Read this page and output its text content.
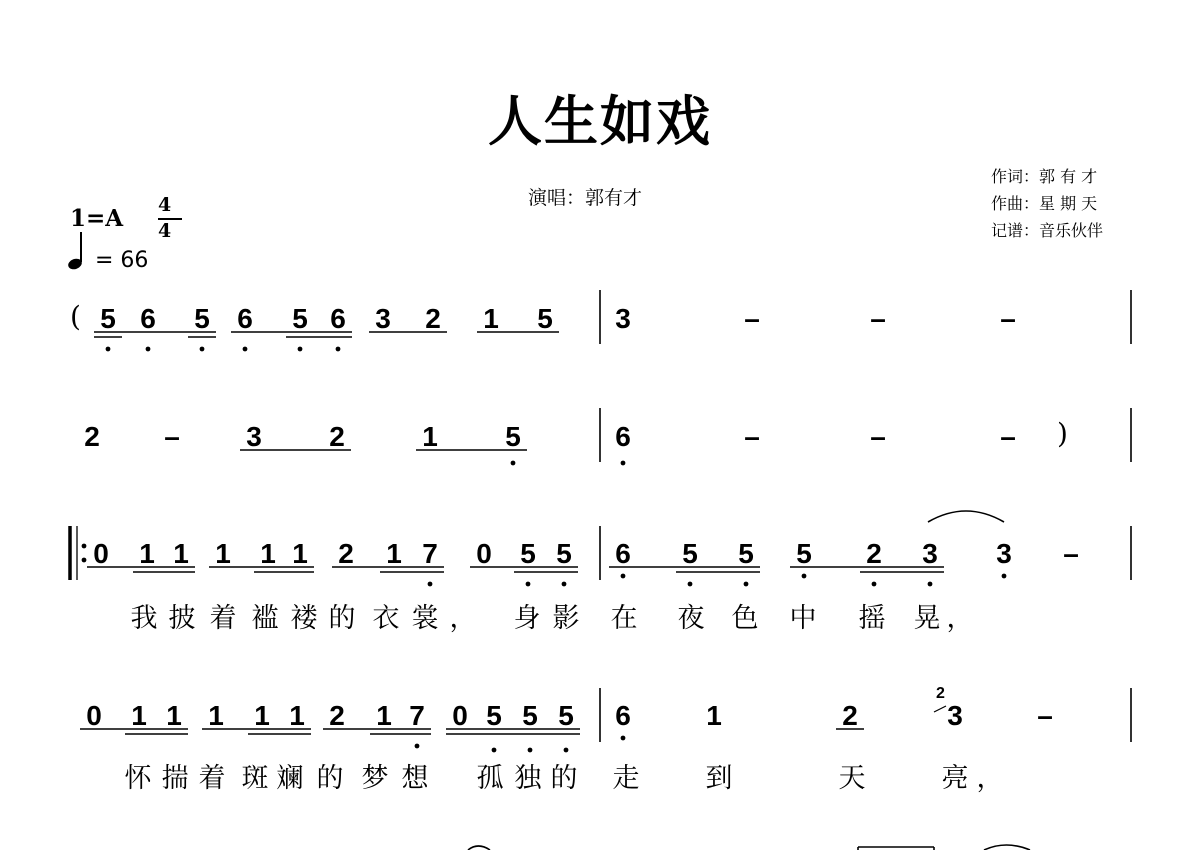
人生如戏
演唱：郭有才
作词：郭 有 才
作曲：星 期 天
记谱：音乐伙伴
1=A 4
4
= 66
(
)
2
5 6	5 6	5 6	3	2	1	5	3	–	–	–
2	–	3	2	1	5	6	–	–	–
0	1 1 1	1 1	2	1 7	0	5 5	6	5	5	5	2	3	3	–
我 披 着 褴 褛 的 衣 裳 ， 身 影 在 夜 色 中 摇 晃 ，
0	1 1 1	1 1 2	1 7 0 5 5 5	6	1	2	3	–
怀 揣 着 斑 斓 的 梦 想 孤 独 的 走 到	天	亮 ，
